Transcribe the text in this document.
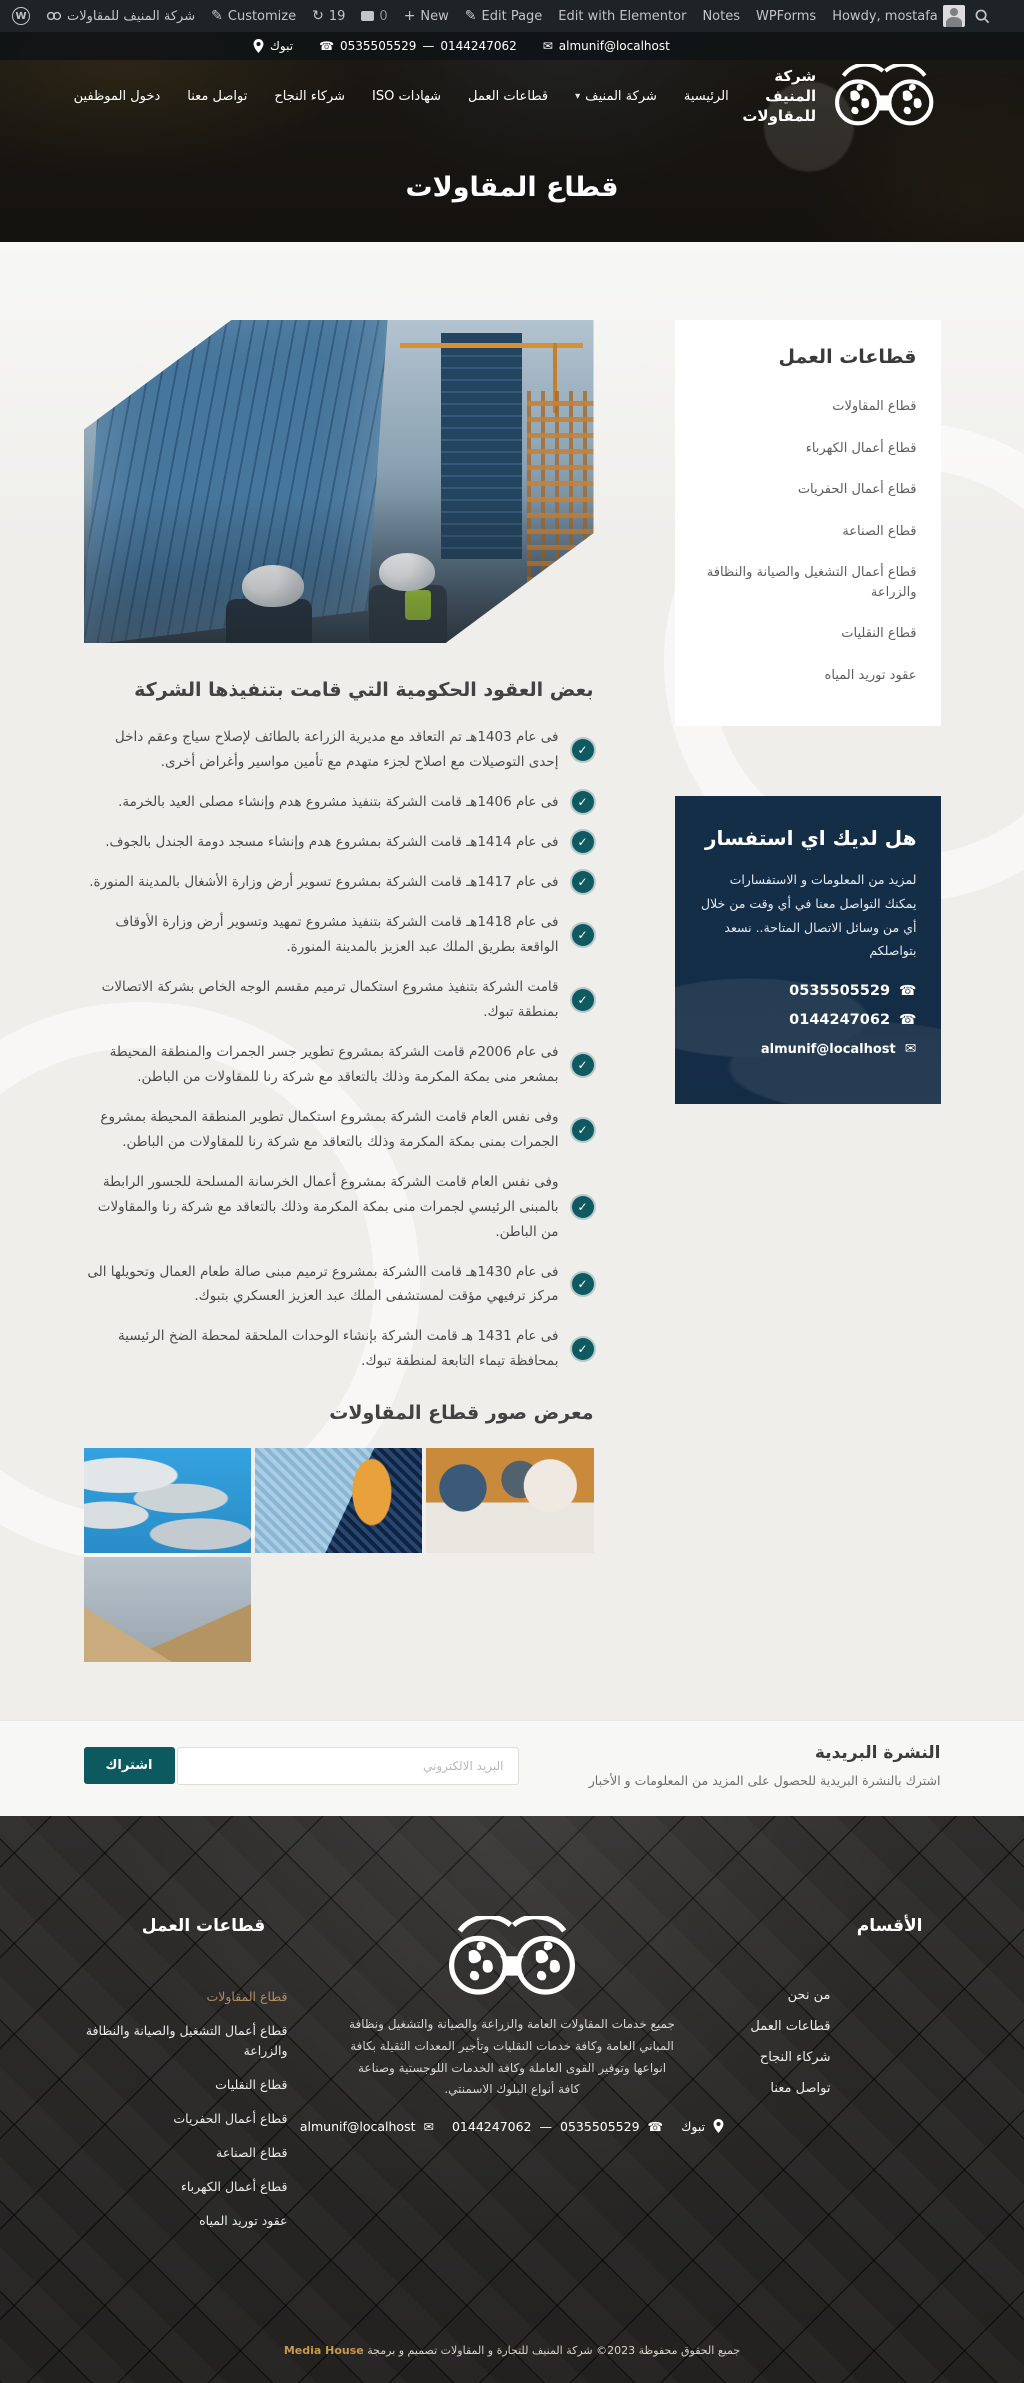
W
شركة المنيف للمقاولات ✎ Customize ↻ 19	0 + New ✎ Edit Page Edit with Elementor Notes WPForms Howdy, mostafa
تبوك ☎ 0535505529 — 0144247062 ✉ almunif@localhost
شركة المنيف
للمقاولات
الرئيسية
شركة المنيف
▾
قطاعات العمل
شهادات ISO
شركاء النجاح
تواصل معنا
دخول الموظفين
قطاع المقاولات
قطاعات العمل
قطاع المقاولات
قطاع أعمال الكهرباء
قطاع أعمال الحفريات
قطاع الصناعة
قطاع أعمال التشغيل والصيانة والنظافة والزراعة
قطاع النقليات
عقود توريد المياه
هل لديك اي استفسار

لمزيد من المعلومات و الاستفسارات يمكنك التواصل معنا في أي وقت من خلال أي من وسائل الاتصال المتاحة.. نسعد بتواصلكم

0535505529 ☎
0144247062 ☎
almunif@localhost ✉
بعض العقود الحكومية التي قامت بتنفيذها الشركة
✓
فى عام 1403هـ تم التعاقد مع مديرية الزراعة بالطائف لإصلاح سياج وعقم داخل إحدى التوصيلات مع اصلاح لجزء متهدم مع تأمين مواسير وأغراض أخرى.
✓
فى عام 1406هـ قامت الشركة بتنفيذ مشروع هدم وإنشاء مصلى العيد بالخرمة.
✓
فى عام 1414هـ قامت الشركة بمشروع هدم وإنشاء مسجد دومة الجندل بالجوف.
✓
فى عام 1417هـ قامت الشركة بمشروع تسوير أرض وزارة الأشغال بالمدينة المنورة.
✓
فى عام 1418هـ قامت الشركة بتنفيذ مشروع تمهيد وتسوير أرض وزارة الأوقاف الواقعة بطريق الملك عبد العزيز بالمدينة المنورة.
✓
قامت الشركة بتنفيذ مشروع استكمال ترميم مقسم الوجه الخاص بشركة الاتصالات بمنطقة تبوك.
✓
فى عام 2006م قامت الشركة بمشروع تطوير جسر الجمرات والمنطقة المحيطة بمشعر منى بمكة المكرمة وذلك بالتعاقد مع شركة رنا للمقاولات من الباطن.
✓
وفى نفس العام قامت الشركة بمشروع استكمال تطوير المنطقة المحيطة بمشروع الجمرات بمنى بمكة المكرمة وذلك بالتعاقد مع شركة رنا للمقاولات من الباطن.
✓
وفى نفس العام قامت الشركة بمشروع أعمال الخرسانة المسلحة للجسور الرابطة بالمبنى الرئيسي لجمرات منى بمكة المكرمة وذلك بالتعاقد مع شركة رنا والمقاولات من الباطن.
✓
فى عام 1430هـ قامت االشركة بمشروع ترميم مبنى صالة طعام العمال وتحويلها الى مركز ترفيهي مؤقت لمستشفى الملك عبد العزيز العسكري بتبوك.
✓
فى عام 1431 هـ قامت الشركة بإنشاء الوحدات الملحقة لمحطة الضخ الرئيسية بمحافظة تيماء التابعة لمنطقة تبوك.
معرض صور قطاع المقاولات
النشرة البريدية

اشترك بالنشرة البريدية للحصول على المزيد من المعلومات و الأخبار

اشتراك
البريد الالكتروني
الأقسام
من نحن
قطاعات العمل
شركاء النجاح
تواصل معنا

جميع خدمات المقاولات العامة والزراعة والصيانة والتشغيل ونظافة المباني العامة وكافة خدمات النقليات وتأجير المعدات الثقيلة بكافة انواعها وتوفير القوى العاملة وكافة الخدمات اللوجستية وصناعة كافة أنواع البلوك الاسمنتي.

almunif@localhost ✉ 0144247062 — 0535505529 ☎ تبوك
قطاعات العمل
قطاع المقاولات
قطاع أعمال التشغيل والصيانة والنظافة والزراعة
قطاع النقليات
قطاع أعمال الحفريات
قطاع الصناعة
قطاع أعمال الكهرباء
عقود توريد المياه
جميع الحقوق محفوظة 2023© شركة المنيف للتجارة و المقاولات تصميم و برمجة Media House
